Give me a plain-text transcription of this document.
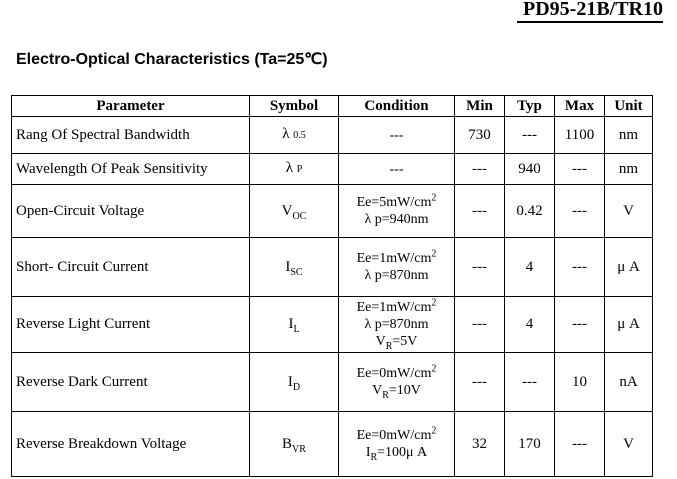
PD95-21B/TR10
Electro-Optical Characteristics (Ta=25℃)
Parameter	Symbol	Condition	Min	Typ	Max	Unit
Rang Of Spectral Bandwidth	λ 0.5	---	730	---	1100	nm
Wavelength Of Peak Sensitivity	λ P	---	---	940	---	nm
Open-Circuit Voltage	$V_{OC}$	$Ee=5mW/cm^2$
λ p=940nm	---	0.42	---	V
Short- Circuit Current	$I_{SC}$	$Ee=1mW/cm^2$
λ p=870nm	---	4	---	μ A
Reverse Light Current	$I_L$	$Ee=1mW/cm^2$
λ p=870nm
$V_R=5V$	---	4	---	μ A
Reverse Dark Current	$I_D$	$Ee=0mW/cm^2$
$V_R=10V$	---	---	10	nA
Reverse Breakdown Voltage	$B_{VR}$	$Ee=0mW/cm^2$
$I_R=100\mu$ A	32	170	---	V
